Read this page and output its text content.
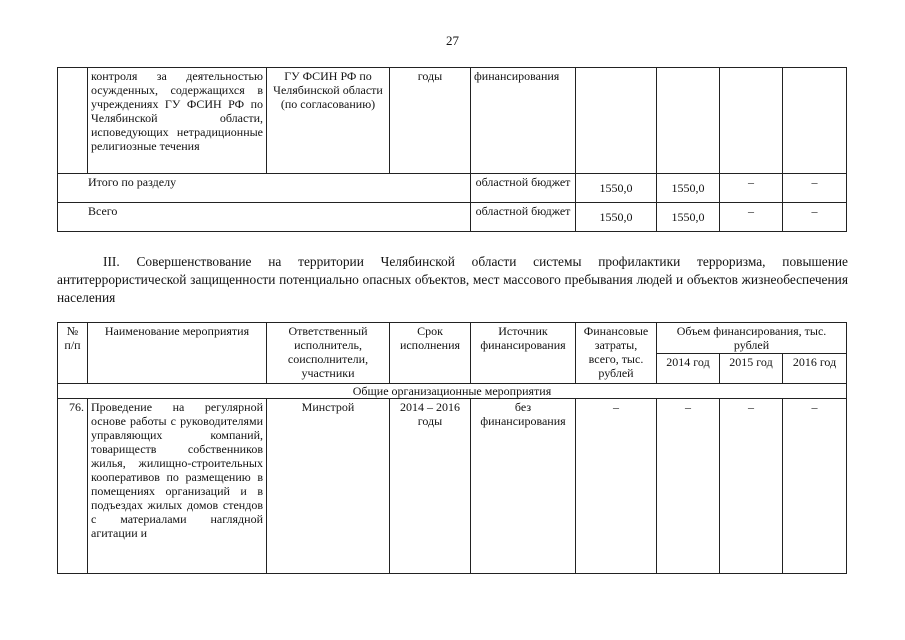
27
	контроля за деятельностью осужденных, содержащихся в учреждениях ГУ ФСИН РФ по Челябинской области, исповедующих нетрадиционные религиозные течения	ГУ ФСИН РФ по Челябинской области (по согласованию)	годы	финансирования				
Итого по разделу				областной бюджет	1550,0	1550,0	–	–
Всего				областной бюджет	1550,0	1550,0	–	–
III. Совершенствование на территории Челябинской области системы профилактики терроризма, повышение антитеррористической защищенности потенциально опасных объектов, мест массового пребывания людей и объектов жизнеобеспечения населения
№ п/п	Наименование мероприятия	Ответственный исполнитель, соисполнители, участники	Срок исполнения	Источник финансирования	Финансовые затраты, всего, тыс. рублей	Объем финансирования, тыс. рублей		
						2014 год	2015 год	2016 год
Общие организационные мероприятия								
76.	Проведение на регулярной основе работы с руководителями управляющих компаний, товариществ собственников жилья, жилищно-строительных кооперативов по размещению в помещениях организаций и в подъездах жилых домов стендов с материалами наглядной агитации и	Минстрой	2014 – 2016 годы	без финансирования	–	–	–	–
